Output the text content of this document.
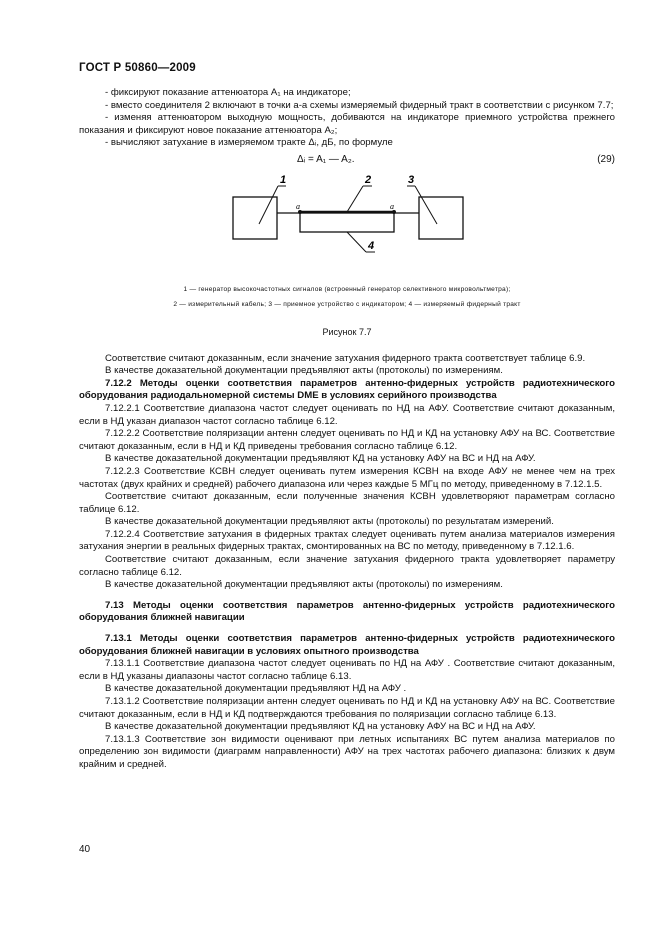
ГОСТ Р 50860—2009

- фиксируют показание аттенюатора A₁ на индикаторе;

- вместо соединителя 2 включают в точки a-a схемы измеряемый фидерный тракт в соответствии с рисунком 7.7;

- изменяя аттенюатором выходную мощность, добиваются на индикаторе приемного устройства прежнего показания и фиксируют новое показание аттенюатора A₂;

- вычисляют затухание в измеряемом тракте Δᵢ, дБ, по формуле

Δᵢ = A₁ — A₂.	(29)
a	a
1	2	3
4
1 — генератор высокочастотных сигналов (встроенный генератор селективного микровольтметра);
2 — измерительный кабель; 3 — приемное устройство с индикатором; 4 — измеряемый фидерный тракт
Рисунок 7.7

Соответствие считают доказанным, если значение затухания фидерного тракта соответствует таблице 6.9.

В качестве доказательной документации предъявляют акты (протоколы) по измерениям.

7.12.2 Методы оценки соответствия параметров антенно-фидерных устройств радиотехнического оборудования радиодальномерной системы DME в условиях серийного производства

7.12.2.1 Соответствие диапазона частот следует оценивать по НД на АФУ. Соответствие считают доказанным, если в НД указан диапазон частот согласно таблице 6.12.

7.12.2.2 Соответствие поляризации антенн следует оценивать по НД и КД на установку АФУ на ВС. Соответствие считают доказанным, если в НД и КД приведены требования согласно таблице 6.12.

В качестве доказательной документации предъявляют КД на установку АФУ на ВС и НД на АФУ.

7.12.2.3 Соответствие КСВН следует оценивать путем измерения КСВН на входе АФУ не менее чем на трех частотах (двух крайних и средней) рабочего диапазона или через каждые 5 МГц по методу, приведенному в 7.12.1.5.

Соответствие считают доказанным, если полученные значения КСВН удовлетворяют параметрам согласно таблице 6.12.

В качестве доказательной документации предъявляют акты (протоколы) по результатам измерений.

7.12.2.4 Соответствие затухания в фидерных трактах следует оценивать путем анализа материалов измерения затухания энергии в реальных фидерных трактах, смонтированных на ВС по методу, приведенному в 7.12.1.6.

Соответствие считают доказанным, если значение затухания фидерного тракта удовлетворяет параметру согласно таблице 6.12.

В качестве доказательной документации предъявляют акты (протоколы) по измерениям.

7.13 Методы оценки соответствия параметров антенно-фидерных устройств радиотехнического оборудования ближней навигации

7.13.1 Методы оценки соответствия параметров антенно-фидерных устройств радиотехнического оборудования ближней навигации в условиях опытного производства

7.13.1.1 Соответствие диапазона частот следует оценивать по НД на АФУ . Соответствие считают доказанным, если в НД указаны диапазоны частот согласно таблице 6.13.

В качестве доказательной документации предъявляют НД на АФУ .

7.13.1.2 Соответствие поляризации антенн следует оценивать по НД и КД на установку АФУ на ВС. Соответствие считают доказанным, если в НД и КД подтверждаются требования по поляризации согласно таблице 6.13.

В качестве доказательной документации предъявляют КД на установку АФУ на ВС и НД на АФУ.

7.13.1.3 Соответствие зон видимости оценивают при летных испытаниях ВС путем анализа материалов по определению зон видимости (диаграмм направленности) АФУ на трех частотах рабочего диапазона: близких к двум крайним и средней.

40
